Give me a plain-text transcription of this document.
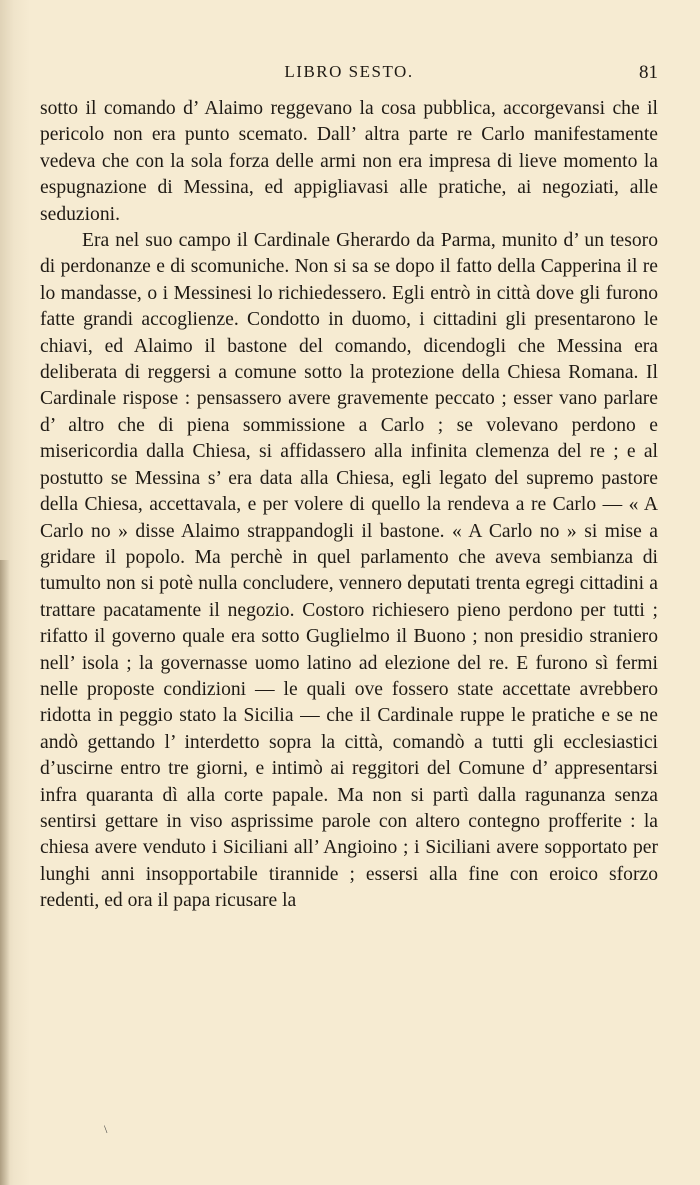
LIBRO SESTO.	81

sotto il comando d’ Alaimo reggevano la cosa pubblica, accorgevansi che il pericolo non era punto scemato. Dall’ altra parte re Carlo manifestamente vedeva che con la sola forza delle armi non era impresa di lieve momento la espugnazione di Messina, ed appigliavasi alle pratiche, ai negoziati, alle seduzioni.

Era nel suo campo il Cardinale Gherardo da Parma, munito d’ un tesoro di perdonanze e di scomuniche. Non si sa se dopo il fatto della Capperina il re lo mandasse, o i Messinesi lo richiedessero. Egli entrò in città dove gli furono fatte grandi accoglienze. Condotto in duomo, i cittadini gli presentarono le chiavi, ed Alaimo il bastone del comando, dicendogli che Messina era deliberata di reggersi a comune sotto la protezione della Chiesa Romana. Il Cardinale rispose : pensassero avere gravemente peccato ; esser vano parlare d’ altro che di piena sommissione a Carlo ; se volevano perdono e misericordia dalla Chiesa, si affidassero alla infinita clemenza del re ; e al postutto se Messina s’ era data alla Chiesa, egli legato del supremo pastore della Chiesa, accettavala, e per volere di quello la rendeva a re Carlo — « A Carlo no » disse Alaimo strappandogli il bastone. « A Carlo no » si mise a gridare il popolo. Ma perchè in quel parlamento che aveva sembianza di tumulto non si potè nulla concludere, vennero deputati trenta egregi cittadini a trattare pacatamente il negozio. Costoro richiesero pieno perdono per tutti ; rifatto il governo quale era sotto Guglielmo il Buono ; non presidio straniero nell’ isola ; la governasse uomo latino ad elezione del re. E furono sì fermi nelle proposte condizioni — le quali ove fossero state accettate avrebbero ridotta in peggio stato la Sicilia — che il Cardinale ruppe le pratiche e se ne andò gettando l’ interdetto sopra la città, comandò a tutti gli ecclesiastici d’uscirne entro tre giorni, e intimò ai reggitori del Comune d’ appresentarsi infra quaranta dì alla corte papale. Ma non si partì dalla ragunanza senza sentirsi gettare in viso asprissime parole con altero contegno profferite : la chiesa avere venduto i Siciliani all’ Angioino ; i Siciliani avere sopportato per lunghi anni insopportabile tirannide ; essersi alla fine con eroico sforzo redenti, ed ora il papa ricusare la

\
